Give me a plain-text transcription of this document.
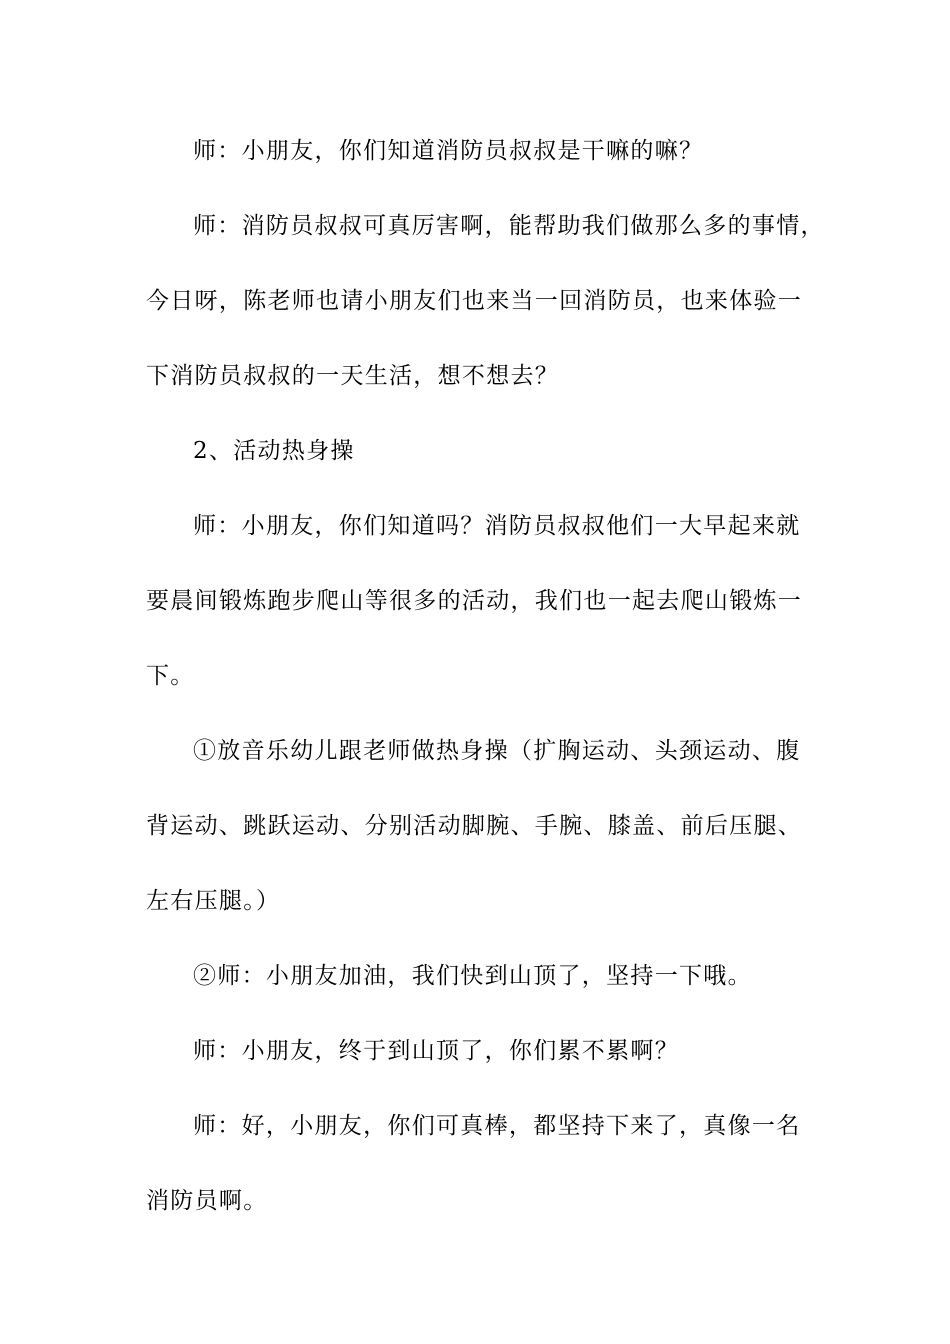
师：小朋友，你们知道消防员叔叔是干嘛的嘛？

师：消防员叔叔可真厉害啊，能帮助我们做那么多的事情，

今日呀，陈老师也请小朋友们也来当一回消防员，也来体验一

下消防员叔叔的一天生活，想不想去？

2、活动热身操

师：小朋友，你们知道吗？消防员叔叔他们一大早起来就

要晨间锻炼跑步爬山等很多的活动，我们也一起去爬山锻炼一

下。

①放音乐幼儿跟老师做热身操（扩胸运动、头颈运动、腹

背运动、跳跃运动、分别活动脚腕、手腕、膝盖、前后压腿、

左右压腿。）

②师：小朋友加油，我们快到山顶了，坚持一下哦。

师：小朋友，终于到山顶了，你们累不累啊？

师：好，小朋友，你们可真棒，都坚持下来了，真像一名

消防员啊。
